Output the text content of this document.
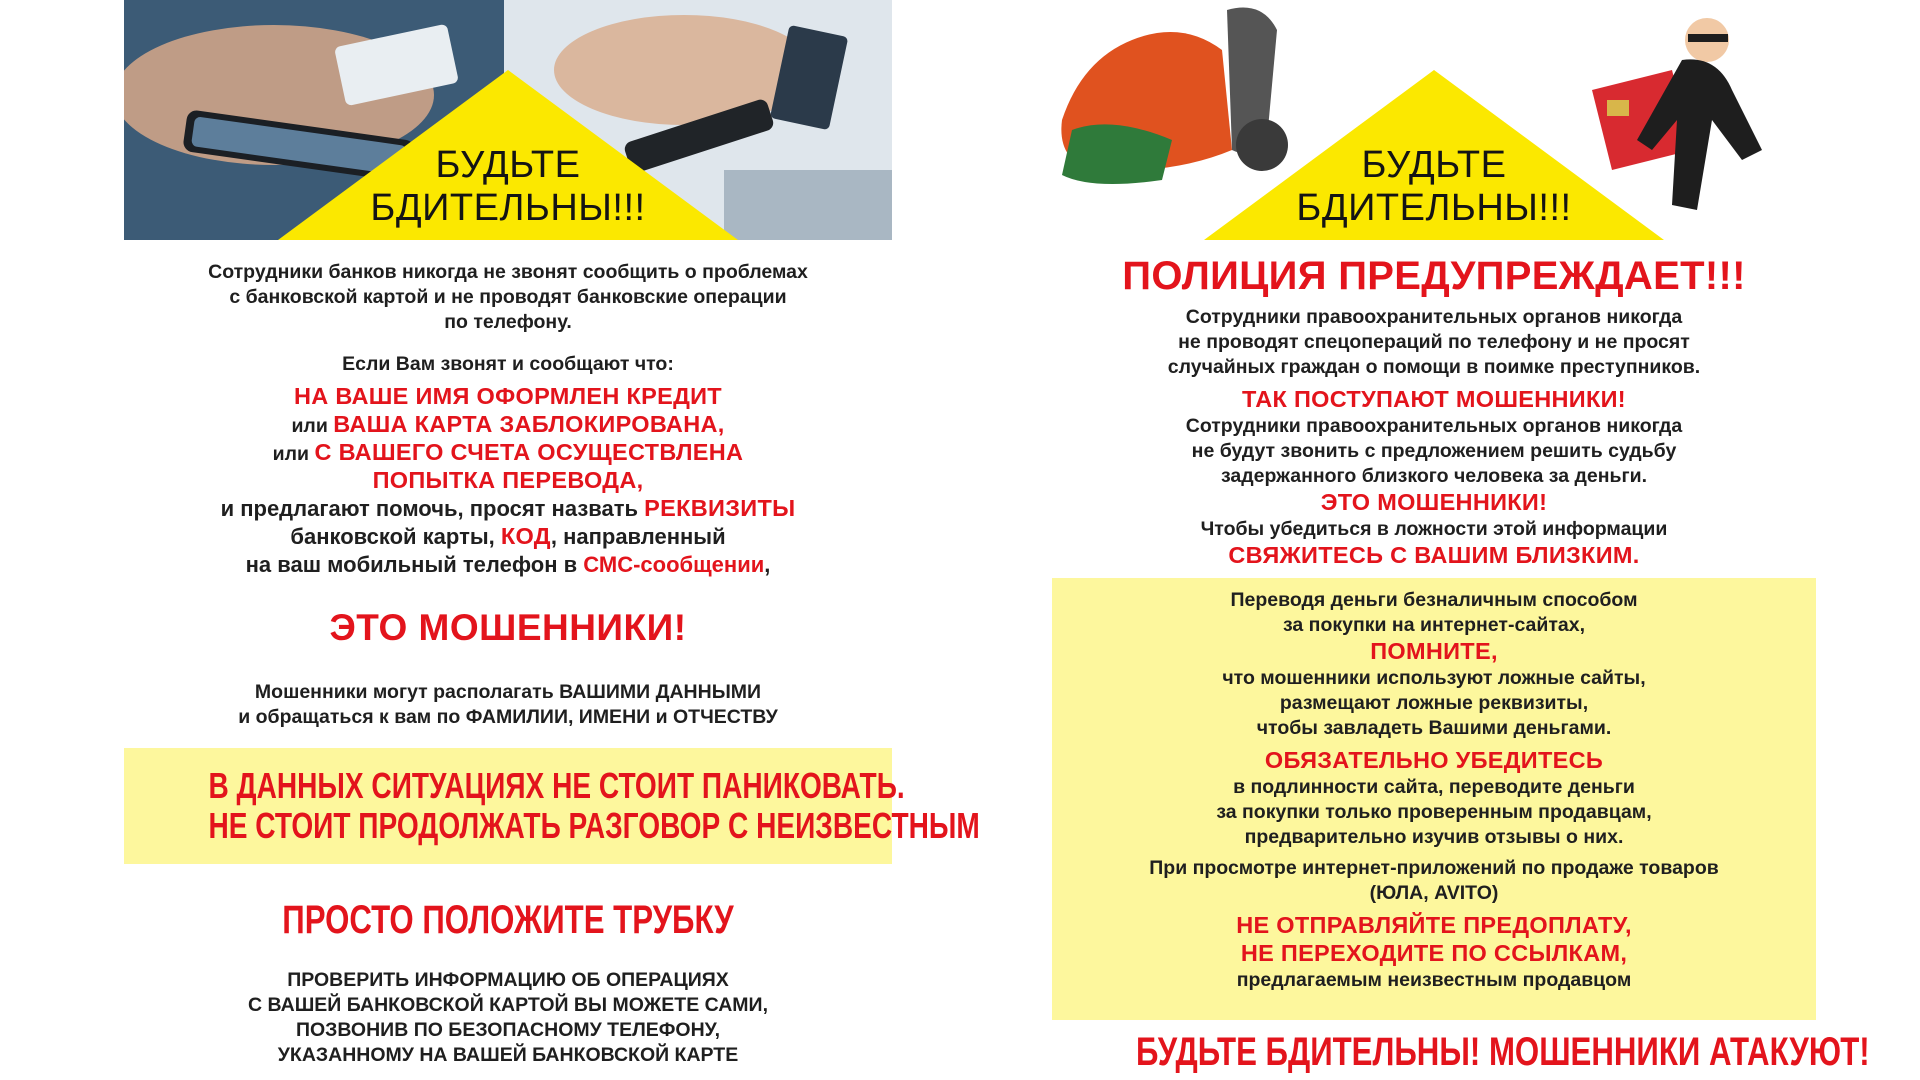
БУДЬТЕ
БДИТЕЛЬНЫ!!!

Сотрудники банков никогда не звонят сообщить о проблемах

с банковской картой и не проводят банковские операции

по телефону.

Если Вам звонят и сообщают что:

НА ВАШЕ ИМЯ ОФОРМЛЕН КРЕДИТ

или ВАША КАРТА ЗАБЛОКИРОВАНА,

или С ВАШЕГО СЧЕТА ОСУЩЕСТВЛЕНА

ПОПЫТКА ПЕРЕВОДА,

и предлагают помочь, просят назвать РЕКВИЗИТЫ

банковской карты, КОД, направленный

на ваш мобильный телефон в СМС-сообщении,

ЭТО МОШЕННИКИ!

Мошенники могут располагать ВАШИМИ ДАННЫМИ

и обращаться к вам по ФАМИЛИИ, ИМЕНИ и ОТЧЕСТВУ

В ДАННЫХ СИТУАЦИЯХ НЕ СТОИТ ПАНИКОВАТЬ.
НЕ СТОИТ ПРОДОЛЖАТЬ РАЗГОВОР С НЕИЗВЕСТНЫМ
ПРОСТО ПОЛОЖИТЕ ТРУБКУ

ПРОВЕРИТЬ ИНФОРМАЦИЮ ОБ ОПЕРАЦИЯХ

С ВАШЕЙ БАНКОВСКОЙ КАРТОЙ ВЫ МОЖЕТЕ САМИ,

ПОЗВОНИВ ПО БЕЗОПАСНОМУ ТЕЛЕФОНУ,

УКАЗАННОМУ НА ВАШЕЙ БАНКОВСКОЙ КАРТЕ

БУДЬТЕ
БДИТЕЛЬНЫ!!!
ПОЛИЦИЯ ПРЕДУПРЕЖДАЕТ!!!

Сотрудники правоохранительных органов никогда

не проводят спецопераций по телефону и не просят

случайных граждан о помощи в поимке преступников.

ТАК ПОСТУПАЮТ МОШЕННИКИ!

Сотрудники правоохранительных органов никогда

не будут звонить с предложением решить судьбу

задержанного близкого человека за деньги.

ЭТО МОШЕННИКИ!

Чтобы убедиться в ложности этой информации

СВЯЖИТЕСЬ С ВАШИМ БЛИЗКИМ.

Переводя деньги безналичным способом

за покупки на интернет-сайтах,

ПОМНИТЕ,

что мошенники используют ложные сайты,

размещают ложные реквизиты,

чтобы завладеть Вашими деньгами.

ОБЯЗАТЕЛЬНО УБЕДИТЕСЬ

в подлинности сайта, переводите деньги

за покупки только проверенным продавцам,

предварительно изучив отзывы о них.

При просмотре интернет-приложений по продаже товаров

(ЮЛА, AVITO)

НЕ ОТПРАВЛЯЙТЕ ПРЕДОПЛАТУ,

НЕ ПЕРЕХОДИТЕ ПО ССЫЛКАМ,

предлагаемым неизвестным продавцом

БУДЬТЕ БДИТЕЛЬНЫ! МОШЕННИКИ АТАКУЮТ!
